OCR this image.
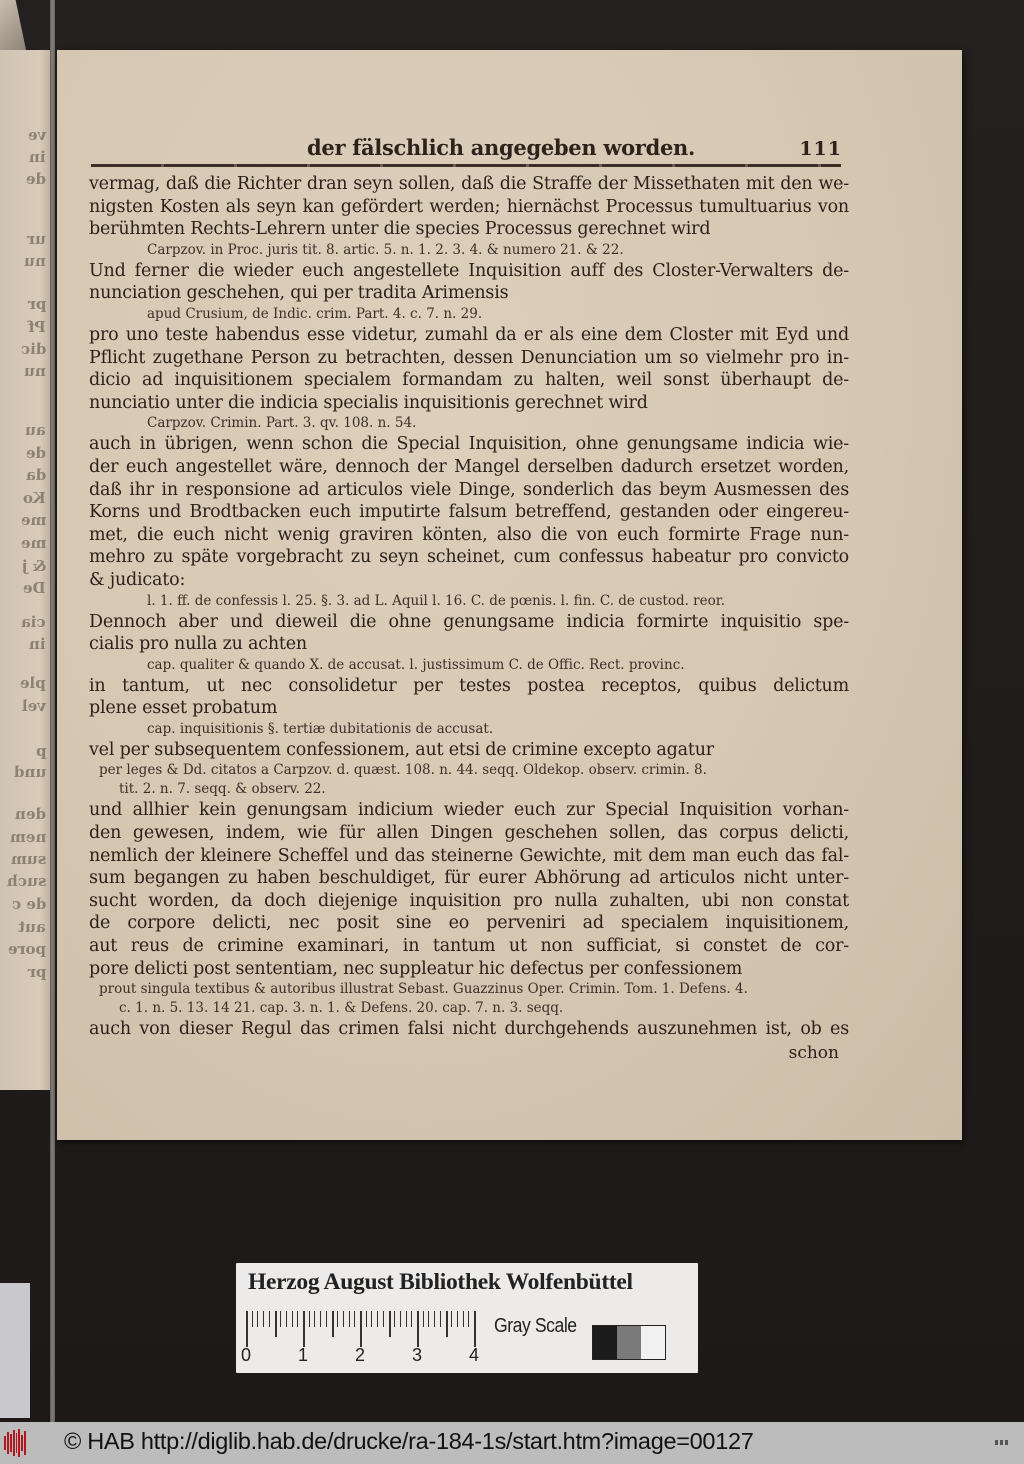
ve
in
de
ur
nu
pr
Pf
dic
nu
au
de
da
Ko
me
me
& j
De
cia
in
ple
vel
p
und
den
nem
sum
such
de c
aut
pore
pr
der fälschlich angegeben worden.	111
vermag, daß die Richter dran seyn sollen, daß die Straffe der Missethaten mit den we-
nigsten Kosten als seyn kan gefördert werden; hiernächst Processus tumultuarius von
berühmten Rechts-Lehrern unter die species Processus gerechnet wird
Carpzov. in Proc. juris tit. 8. artic. 5. n. 1. 2. 3. 4. & numero 21. & 22.
Und ferner die wieder euch angestellete Inquisition auff des Closter-Verwalters de-
nunciation geschehen, qui per tradita Arimensis
apud Crusium, de Indic. crim. Part. 4. c. 7. n. 29.
pro uno teste habendus esse videtur, zumahl da er als eine dem Closter mit Eyd und
Pflicht zugethane Person zu betrachten, dessen Denunciation um so vielmehr pro in-
dicio ad inquisitionem specialem formandam zu halten, weil sonst überhaupt de-
nunciatio unter die indicia specialis inquisitionis gerechnet wird
Carpzov. Crimin. Part. 3. qv. 108. n. 54.
auch in übrigen, wenn schon die Special Inquisition, ohne genungsame indicia wie-
der euch angestellet wäre, dennoch der Mangel derselben dadurch ersetzet worden,
daß ihr in responsione ad articulos viele Dinge, sonderlich das beym Ausmessen des
Korns und Brodtbacken euch imputirte falsum betreffend, gestanden oder eingereu-
met, die euch nicht wenig graviren könten, also die von euch formirte Frage nun-
mehro zu späte vorgebracht zu seyn scheinet, cum confessus habeatur pro convicto
& judicato:
l. 1. ff. de confessis l. 25. §. 3. ad L. Aquil l. 16. C. de pœnis. l. fin. C. de custod. reor.
Dennoch aber und dieweil die ohne genungsame indicia formirte inquisitio spe-
cialis pro nulla zu achten
cap. qualiter & quando X. de accusat. l. justissimum C. de Offic. Rect. provinc.
in tantum, ut nec consolidetur per testes postea receptos, quibus delictum
plene esset probatum
cap. inquisitionis §. tertiæ dubitationis de accusat.
vel per subsequentem confessionem, aut etsi de crimine excepto agatur
per leges & Dd. citatos a Carpzov. d. quæst. 108. n. 44. seqq. Oldekop. observ. crimin. 8.
tit. 2. n. 7. seqq. & observ. 22.
und allhier kein genungsam indicium wieder euch zur Special Inquisition vorhan-
den gewesen, indem, wie für allen Dingen geschehen sollen, das corpus delicti,
nemlich der kleinere Scheffel und das steinerne Gewichte, mit dem man euch das fal-
sum begangen zu haben beschuldiget, für eurer Abhörung ad articulos nicht unter-
sucht worden, da doch diejenige inquisition pro nulla zuhalten, ubi non constat
de corpore delicti, nec posit sine eo perveniri ad specialem inquisitionem,
aut reus de crimine examinari, in tantum ut non sufficiat, si constet de cor-
pore delicti post sententiam, nec suppleatur hic defectus per confessionem
prout singula textibus & autoribus illustrat Sebast. Guazzinus Oper. Crimin. Tom. 1. Defens. 4.
c. 1. n. 5. 13. 14 21. cap. 3. n. 1. & Defens. 20. cap. 7. n. 3. seqq.
auch von dieser Regul das crimen falsi nicht durchgehends auszunehmen ist, ob es
schon
Herzog August Bibliothek Wolfenbüttel
0	1	2	3	4
Gray Scale
© HAB http://diglib.hab.de/drucke/ra-184-1s/start.htm?image=00127
